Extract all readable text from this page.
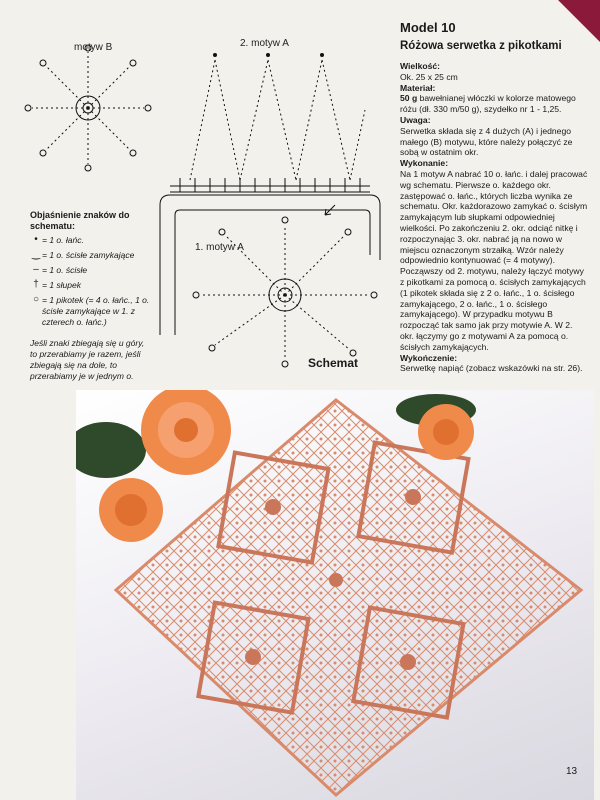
motyw B	2. motyw A
1. motyw A
Schemat
Objaśnienie znaków do schematu:
• = 1 o. łańc.
‿ = 1 o. ścisłe zamykające
– = 1 o. ścisłe
† = 1 słupek
○ = 1 pikotek (= 4 o. łańc., 1 o. ścisłe zamykające w 1. z czterech o. łańc.)
Jeśli znaki zbiegają się u góry, to przerabiamy je razem, jeśli zbiegają się na dole, to przerabiamy je w jednym o.
Model 10
Różowa serwetka z pikotkami
Wielkość:

Ok. 25 x 25 cm

Materiał:

50 g bawełnianej włóczki w kolorze matowego różu (dł. 330 m/50 g), szydełko nr 1 - 1,25.

Uwaga:

Serwetka składa się z 4 dużych (A) i jednego małego (B) motywu, które należy połączyć ze sobą w ostatnim okr.

Wykonanie:

Na 1 motyw A nabrać 10 o. łańc. i dalej pracować wg schematu. Pierwsze o. każdego okr. zastępować o. łańc., których liczba wynika ze schematu. Okr. każdorazowo zamykać o. ścisłym zamykającym lub słupkami odpowiedniej wielkości. Po zakończeniu 2. okr. odciąć nitkę i rozpoczynając 3. okr. nabrać ją na nowo w miejscu oznaczonym strzałką. Wzór należy odpowiednio kontynuować (= 4 motywy). Począwszy od 2. motywu, należy łączyć motywy z pikotkami za pomocą o. ścisłych zamykających (1 pikotek składa się z 2 o. łańc., 1 o. ścisłego zamykającego, 2 o. łańc., 1 o. ścisłego zamykającego). W przypadku motywu B rozpocząć tak samo jak przy motywie A. W 2. okr. łączymy go z motywami A za pomocą o. ścisłych zamykających.

Wykończenie:

Serwetkę napiąć (zobacz wskazówki na str. 26).

13
